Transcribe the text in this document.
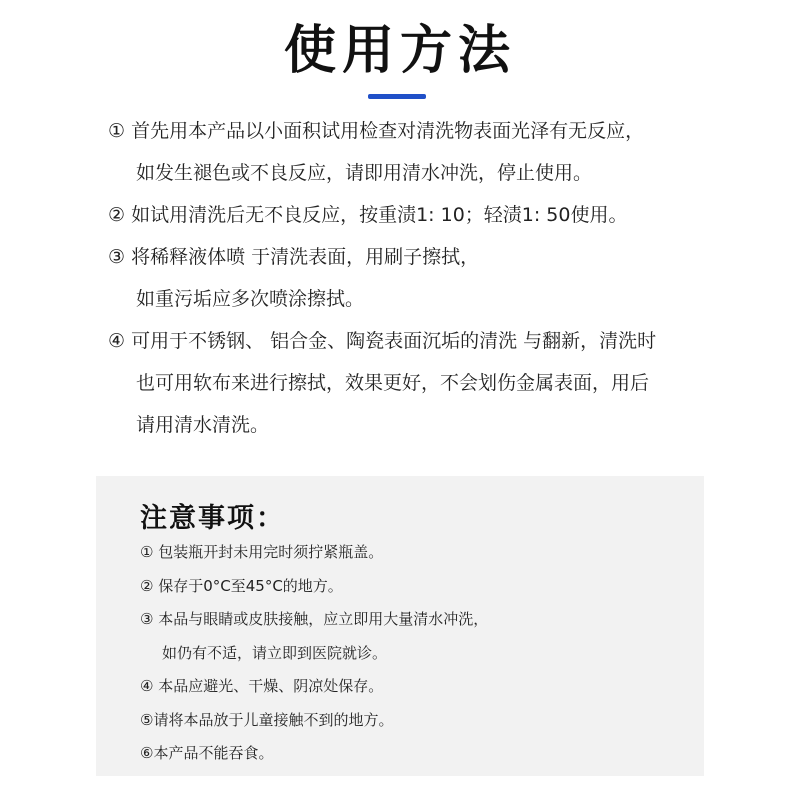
使用方法
① 首先用本产品以小面积试用检查对清洗物表面光泽有无反应，
如发生褪色或不良反应，请即用清水冲洗，停止使用。
② 如试用清洗后无不良反应，按重渍1: 10；轻渍1: 50使用。
③ 将稀释液体喷 于清洗表面，用刷子擦拭，
如重污垢应多次喷涂擦拭。
④ 可用于不锈钢、 铝合金、陶瓷表面沉垢的清洗 与翻新，清洗时
也可用软布来进行擦拭，效果更好，不会划伤金属表面，用后
请用清水清洗。
注意事项：
① 包装瓶开封未用完时须拧紧瓶盖。
② 保存于0°C至45°C的地方。
③ 本品与眼睛或皮肤接触，应立即用大量清水冲洗，
如仍有不适，请立即到医院就诊。
④ 本品应避光、干燥、阴凉处保存。
⑤请将本品放于儿童接触不到的地方。
⑥本产品不能吞食。
